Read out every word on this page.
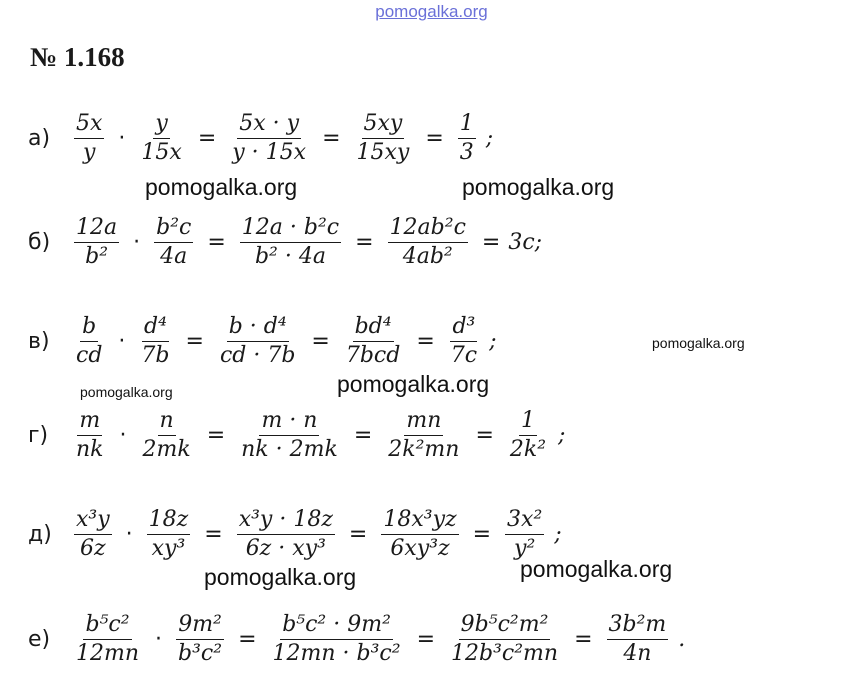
pomogalka.org
№ 1.168
а)	$\frac{5x}{y} \cdot \frac{y}{15x} = \frac{5x \cdot y}{y \cdot 15x} = \frac{5xy}{15xy} = \frac{1}{3}$ ;
б)	$\frac{12a}{\text{b²}} \cdot \frac{\text{b²c}}{4a} = \frac{\text{12a · b²c}}{\text{b² · 4a}} = \frac{\text{12ab²c}}{\text{4ab²}} = 3c$;
в)	$\frac{b}{cd} \cdot \frac{\text{d⁴}}{7b} = \frac{\text{b · d⁴}}{cd \cdot 7b} = \frac{\text{bd⁴}}{\text{7bcd}} = \frac{\text{d³}}{7c}$ ;
г)	$\frac{m}{nk} \cdot \frac{n}{2mk} = \frac{m \cdot n}{nk \cdot 2mk} = \frac{mn}{\text{2k²mn}} = \frac{1}{\text{2k²}}$ ;
д)	$\frac{\text{x³y}}{6z} \cdot \frac{18z}{\text{xy³}} = \frac{\text{x³y · 18z}}{\text{6z · xy³}} = \frac{\text{18x³yz}}{\text{6xy³z}} = \frac{\text{3x²}}{\text{y²}}$ ;
е)	$\frac{\text{b⁵c²}}{12mn} \cdot \frac{\text{9m²}}{\text{b³c²}} = \frac{\text{b⁵c² · 9m²}}{\text{12mn · b³c²}} = \frac{\text{9b⁵c²m²}}{\text{12b³c²mn}} = \frac{\text{3b²m}}{4n}$ .
pomogalka.org	pomogalka.org
pomogalka.org
pomogalka.org
pomogalka.org
pomogalka.org
pomogalka.org
